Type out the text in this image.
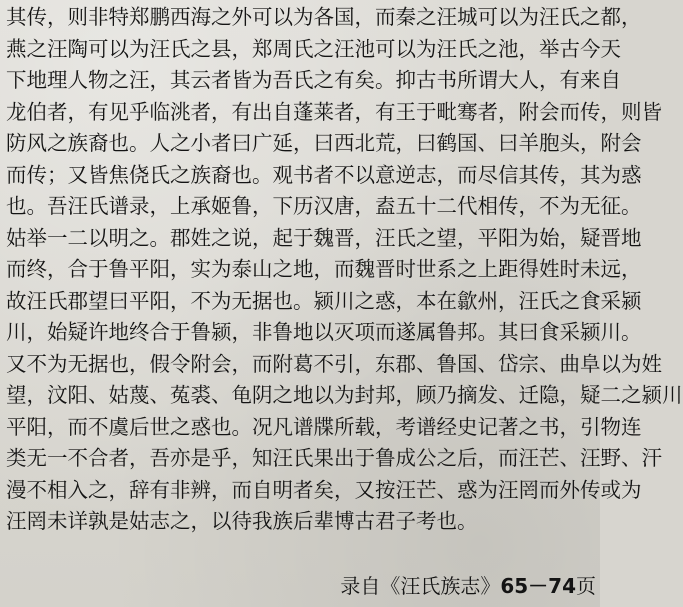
其传，则非特郑鹏西海之外可以为各国，而秦之汪城可以为汪氏之都，
燕之汪陶可以为汪氏之县，郑周氏之汪池可以为汪氏之池，举古今天
下地理人物之汪，其云者皆为吾氏之有矣。抑古书所谓大人，有来自
龙伯者，有见乎临洮者，有出自蓬莱者，有王于毗骞者，附会而传，则皆
防风之族裔也。人之小者曰广延，曰西北荒，曰鹤国、曰羊胞头，附会
而传；又皆焦侥氏之族裔也。观书者不以意逆志，而尽信其传，其为惑
也。吾汪氏谱录，上承姬鲁，下历汉唐，盍五十二代相传，不为无征。
姑举一二以明之。郡姓之说，起于魏晋，汪氏之望，平阳为始，疑晋地
而终，合于鲁平阳，实为泰山之地，而魏晋时世系之上距得姓时未远，
故汪氏郡望曰平阳，不为无据也。颍川之惑，本在歙州，汪氏之食采颍
川，始疑许地终合于鲁颍，非鲁地以灭项而遂属鲁邦。其曰食采颍川。
又不为无据也，假令附会，而附葛不引，东郡、鲁国、岱宗、曲阜以为姓
望，汶阳、姑蔑、菟裘、龟阴之地以为封邦，顾乃摘发、迁隐，疑二之颍川
平阳，而不虞后世之惑也。况凡谱牒所载，考谱经史记著之书，引物连
类无一不合者，吾亦是乎，知汪氏果出于鲁成公之后，而汪芒、汪野、汗
漫不相入之，辞有非辨，而自明者矣，又按汪芒、惑为汪罔而外传或为
汪罔未详孰是姑志之，以待我族后辈博古君子考也。
录自《汪氏族志》65－74页
